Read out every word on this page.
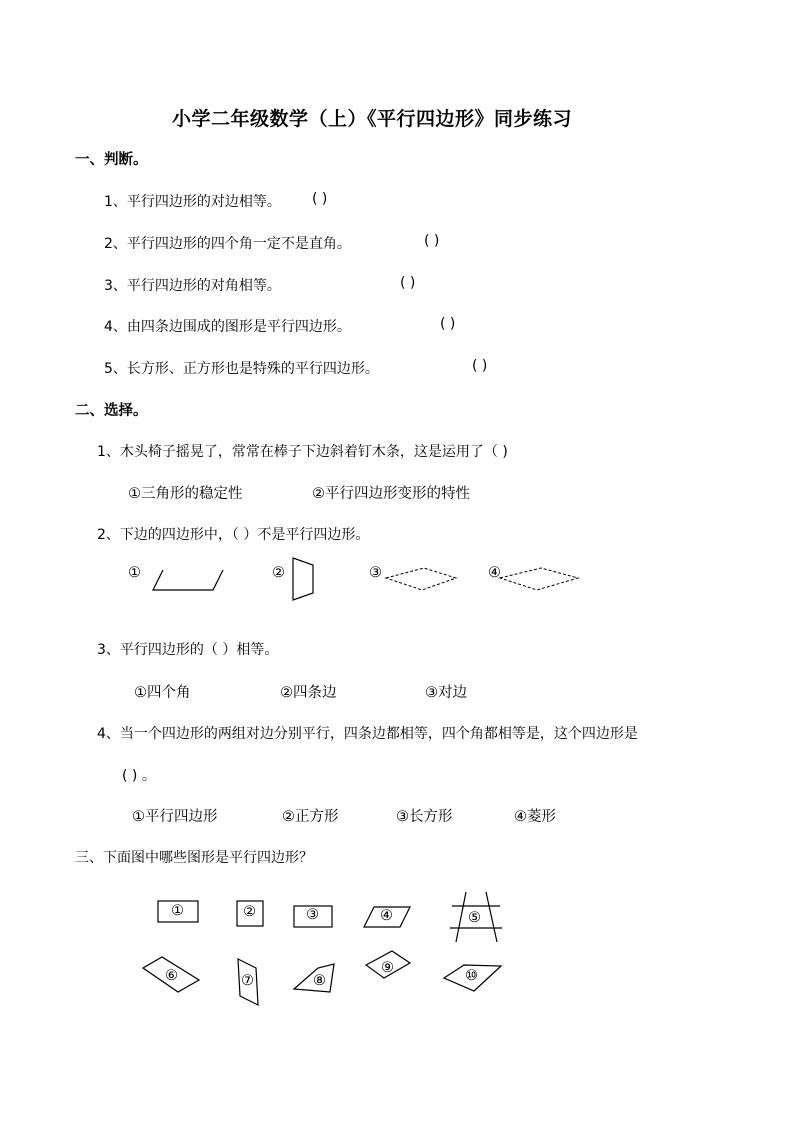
小学二年级数学（上）《平行四边形》同步练习
一、判断。
1、平行四边形的对边相等。 ( )
2、平行四边形的四个角一定不是直角。	( )
3、平行四边形的对角相等。	( )
4、由四条边围成的图形是平行四边形。	( )
5、长方形、正方形也是特殊的平行四边形。	( )
二、选择。
1、木头椅子摇晃了，常常在棒子下边斜着钉木条，这是运用了（ )
①三角形的稳定性	②平行四边形变形的特性
2、下边的四边形中，（ ）不是平行四边形。
①	②	③	④
3、平行四边形的（ ）相等。
①四个角	②四条边	③对边
4、当一个四边形的两组对边分别平行，四条边都相等，四个角都相等是，这个四边形是
( ) 。
①平行四边形	②正方形	③长方形	④菱形
三、下面图中哪些图形是平行四边形？
①	②	③	④	⑤
⑥	⑦	⑧
⑨	⑩
